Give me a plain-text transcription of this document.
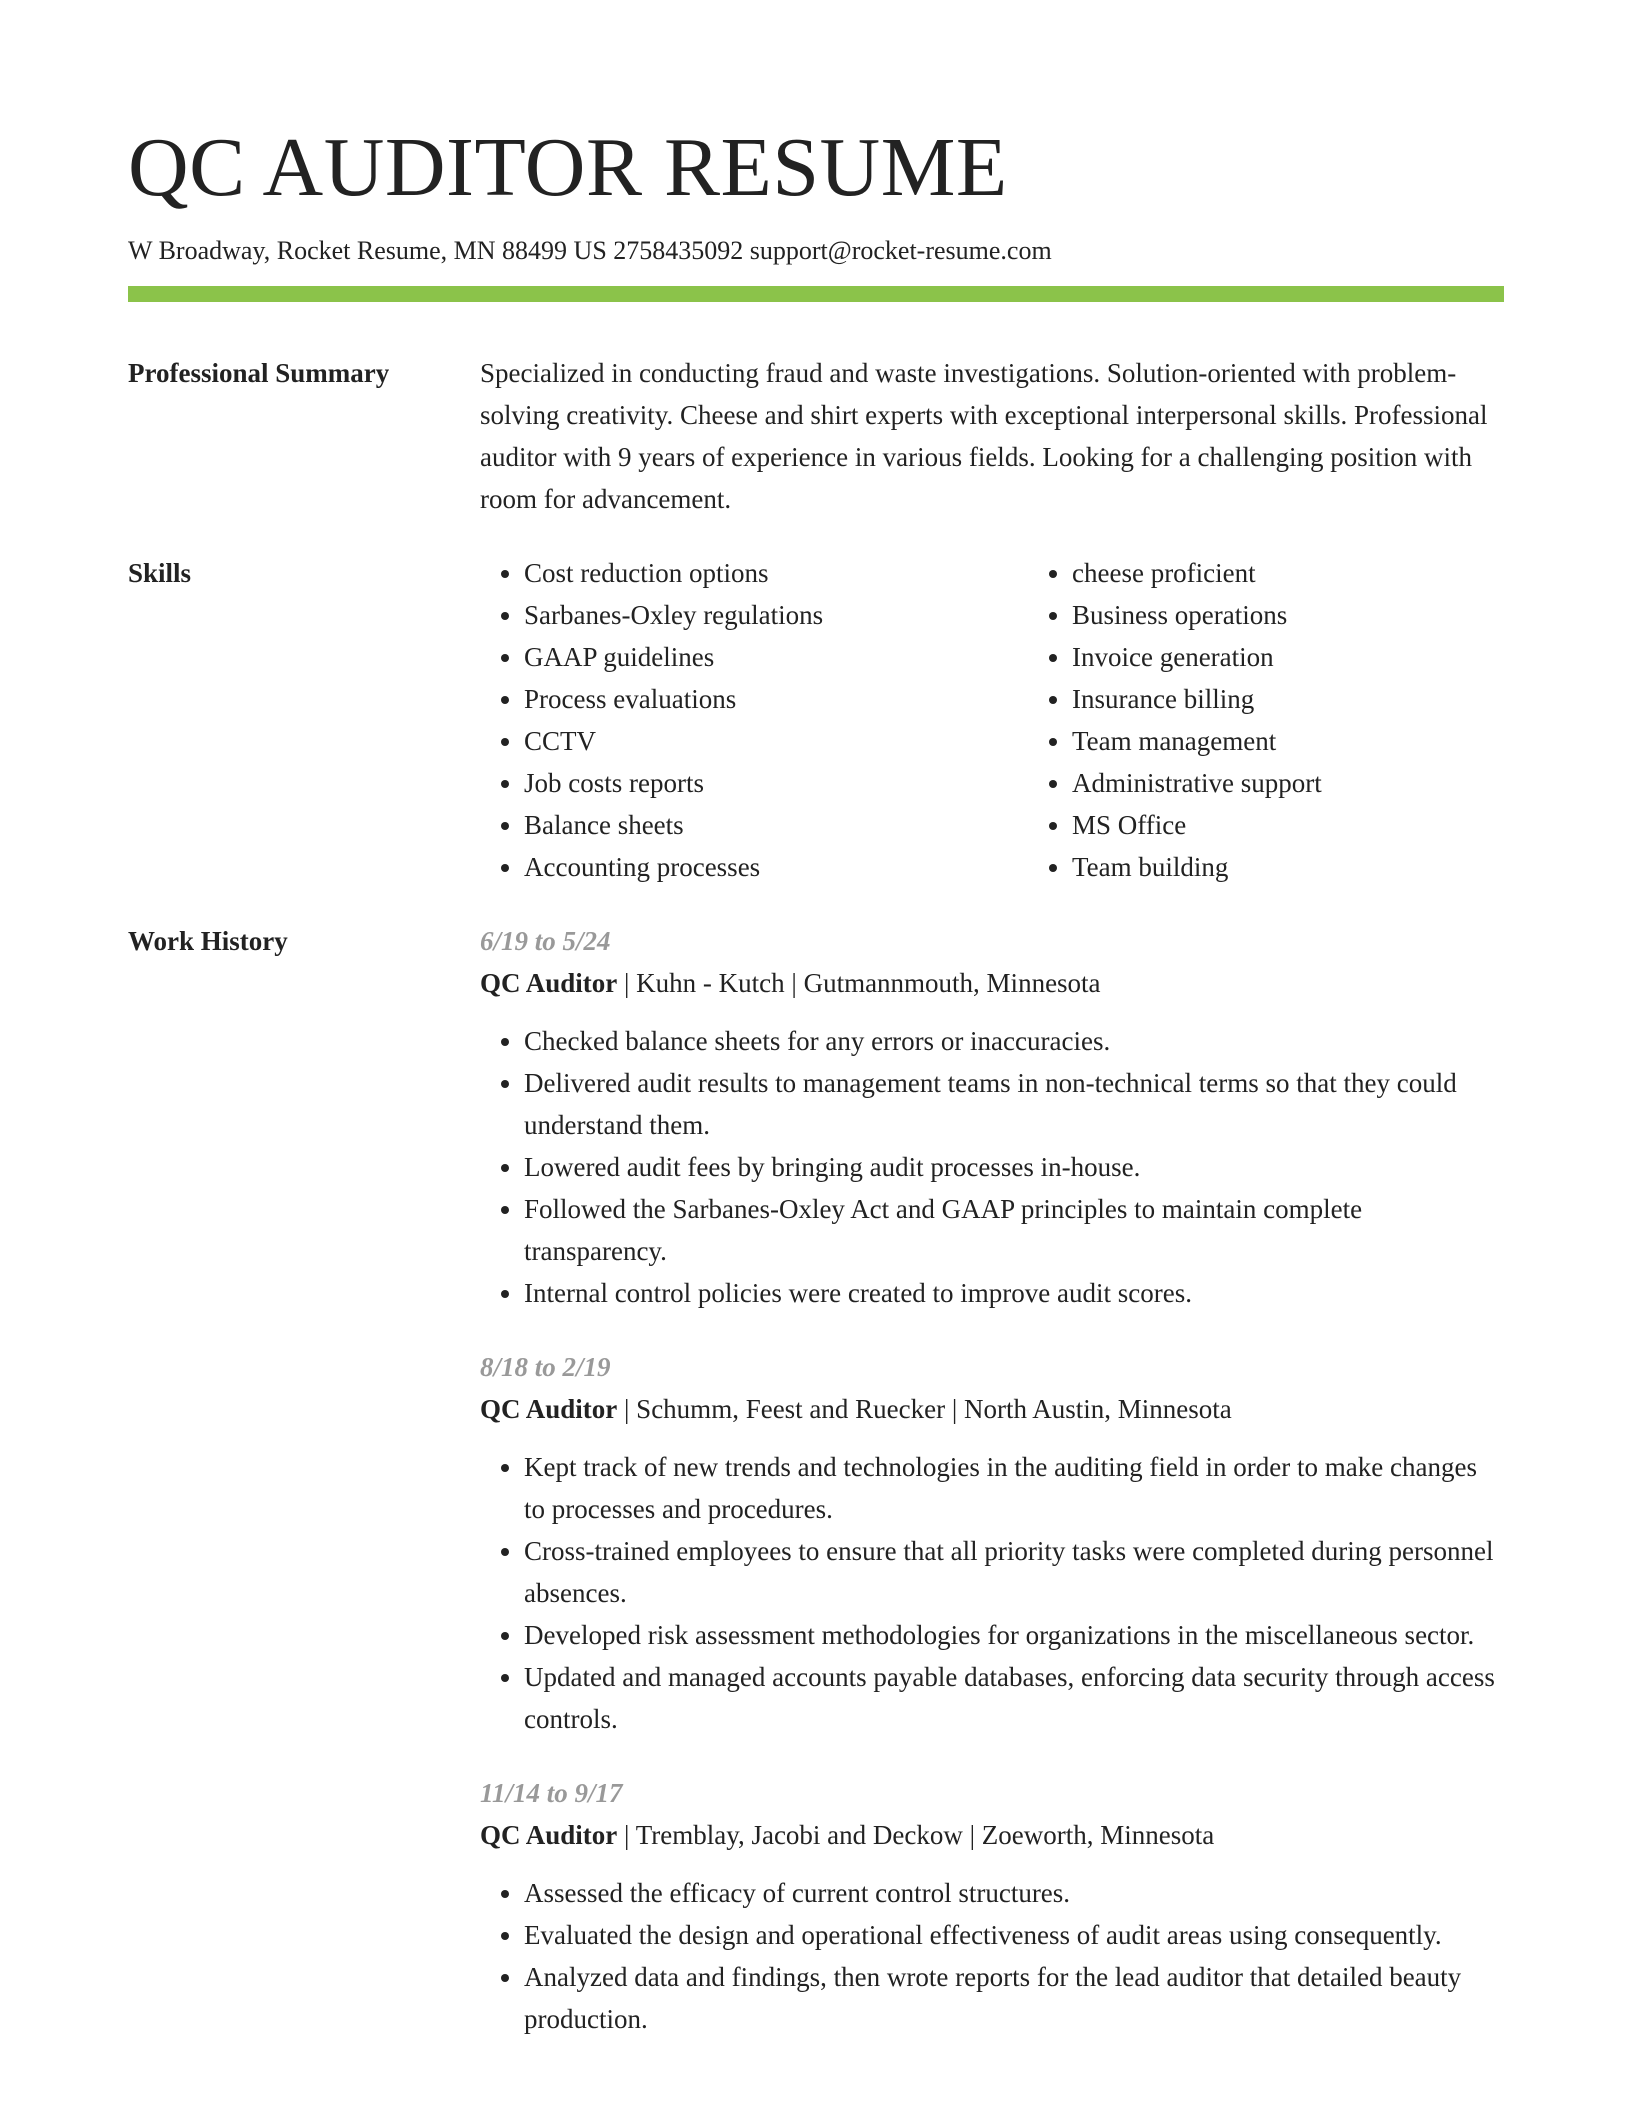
QC AUDITOR RESUME
W Broadway, Rocket Resume, MN 88499 US 2758435092 support@rocket-resume.com
Professional Summary	Specialized in conducting fraud and waste investigations. Solution-oriented with problem-solving creativity. Cheese and shirt experts with exceptional interpersonal skills. Professional auditor with 9 years of experience in various fields. Looking for a challenging position with room for advancement.
Skills
•	Cost reduction options
• Sarbanes-Oxley regulations
• GAAP guidelines
• Process evaluations
• CCTV
• Job costs reports
• Balance sheets
• Accounting processes
• cheese proficient
• Business operations
• Invoice generation
• Insurance billing
• Team management
• Administrative support
• MS Office
• Team building
Work History	6/19 to 5/24
QC Auditor | Kuhn - Kutch | Gutmannmouth, Minnesota
• Checked balance sheets for any errors or inaccuracies.
• Delivered audit results to management teams in non-technical terms so that they could understand them.
• Lowered audit fees by bringing audit processes in-house.
• Followed the Sarbanes-Oxley Act and GAAP principles to maintain complete transparency.
• Internal control policies were created to improve audit scores.
8/18 to 2/19
QC Auditor | Schumm, Feest and Ruecker | North Austin, Minnesota
• Kept track of new trends and technologies in the auditing field in order to make changes to processes and procedures.
• Cross-trained employees to ensure that all priority tasks were completed during personnel absences.
• Developed risk assessment methodologies for organizations in the miscellaneous sector.
• Updated and managed accounts payable databases, enforcing data security through access controls.
11/14 to 9/17
QC Auditor | Tremblay, Jacobi and Deckow | Zoeworth, Minnesota
• Assessed the efficacy of current control structures.
• Evaluated the design and operational effectiveness of audit areas using consequently.
• Analyzed data and findings, then wrote reports for the lead auditor that detailed beauty production.
